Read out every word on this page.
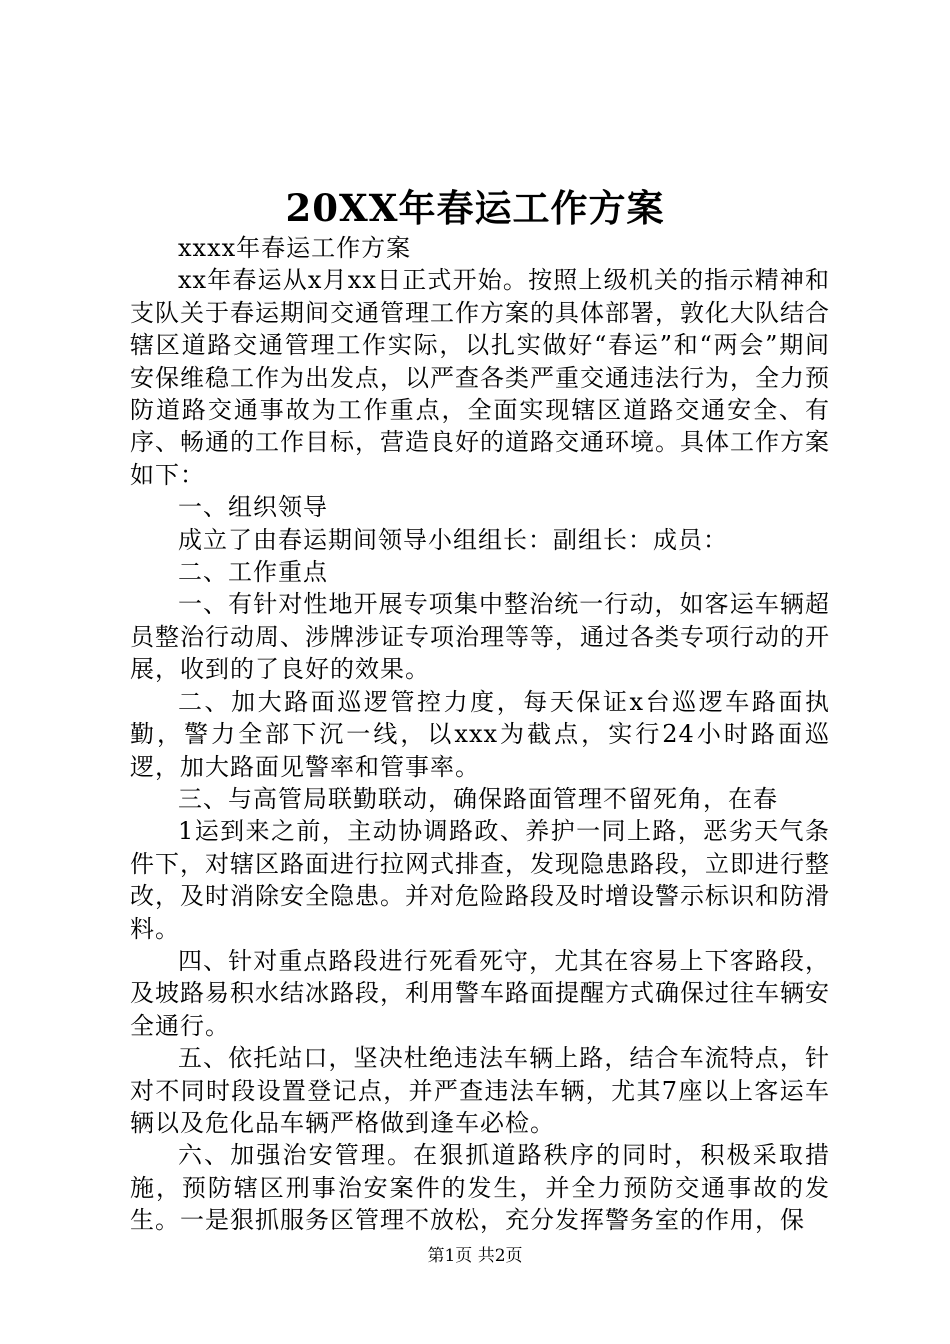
20XX年春运工作方案

xxxx年春运工作方案

xx年春运从x月xx日正式开始。按照上级机关的指示精神和支队关于春运期间交通管理工作方案的具体部署，敦化大队结合辖区道路交通管理工作实际，以扎实做好“春运”和“两会”期间安保维稳工作为出发点，以严查各类严重交通违法行为，全力预防道路交通事故为工作重点，全面实现辖区道路交通安全、有序、畅通的工作目标，营造良好的道路交通环境。具体工作方案如下：

一、组织领导

成立了由春运期间领导小组组长：副组长：成员：

二、工作重点

一、有针对性地开展专项集中整治统一行动，如客运车辆超员整治行动周、涉牌涉证专项治理等等，通过各类专项行动的开展，收到的了良好的效果。

二、加大路面巡逻管控力度，每天保证x台巡逻车路面执勤，警力全部下沉一线，以xxx为截点，实行24小时路面巡逻，加大路面见警率和管事率。

三、与高管局联勤联动，确保路面管理不留死角，在春

1运到来之前，主动协调路政、养护一同上路，恶劣天气条件下，对辖区路面进行拉网式排查，发现隐患路段，立即进行整改，及时消除安全隐患。并对危险路段及时增设警示标识和防滑料。

四、针对重点路段进行死看死守，尤其在容易上下客路段，及坡路易积水结冰路段，利用警车路面提醒方式确保过往车辆安全通行。

五、依托站口，坚决杜绝违法车辆上路，结合车流特点，针对不同时段设置登记点，并严查违法车辆，尤其7座以上客运车辆以及危化品车辆严格做到逢车必检。

六、加强治安管理。在狠抓道路秩序的同时，积极采取措施，预防辖区刑事治安案件的发生，并全力预防交通事故的发生。一是狠抓服务区管理不放松，充分发挥警务室的作用，保

第1页 共2页
